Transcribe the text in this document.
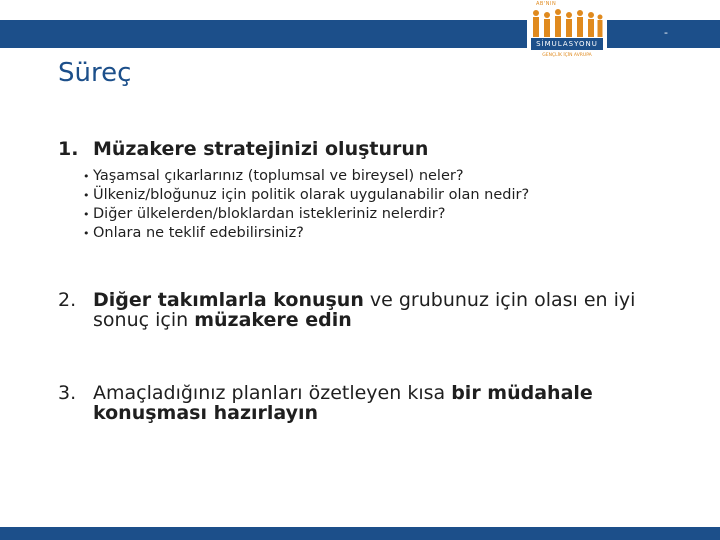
-
AB'NIN
SİMULASYONU
GENÇLİK İÇİN AVRUPA
Süreç
1. Müzakere stratejinizi oluşturun
• Yaşamsal çıkarlarınız (toplumsal ve bireysel) neler?
• Ülkeniz/bloğunuz için politik olarak uygulanabilir olan nedir?
• Diğer ülkelerden/bloklardan istekleriniz nelerdir?
• Onlara ne teklif edebilirsiniz?
2. Diğer takımlarla konuşun ve grubunuz için olası en iyi sonuç için müzakere edin
3. Amaçladığınız planları özetleyen kısa bir müdahale konuşması hazırlayın
